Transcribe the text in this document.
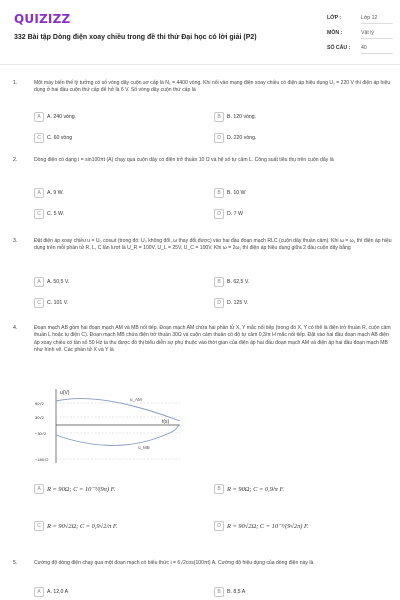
QUIZIZZ
332 Bài tập Dòng điện xoay chiều trong đề thi thử Đại học có lời giải (P2)
LỚP :	Lớp 12
MÔN :	Vật lý
SỐ CÂU : 40
1.	Một máy biến thế lý tưởng có số vòng dây cuộn sơ cấp là N₁ = 4400 vòng. Khi nối vào mạng điện xoay chiều có điện áp hiệu dụng U₁ = 220 V thì điện áp hiệu dụng ở hai đầu cuộn thứ cấp để hở là 6 V. Số vòng dây cuộn thứ cấp là
A	A. 240 vòng.	B	B. 120 vòng.
C	C. 60 vòng	D	D. 220 vòng.
2.	Dòng điện có dạng i = sin100πt (A) chạy qua cuộn dây có điện trở thuần 10 Ω và hệ số tự cảm L. Công suất tiêu thụ trên cuộn dây là
A	A. 9 W.	B	B. 10 W
C	C. 5 W.	D	D. 7 W
3.	Đặt điện áp xoay chiều u = U₀ cosωt (trong đó: U₀ không đổi, ω thay đổi được) vào hai đầu đoạn mạch RLC (cuộn dây thuần cảm). Khi ω = ω₁ thì điện áp hiệu dụng trên mỗi phần tử R, L, C lần lượt là U_R = 100V, U_L = 25V, U_C = 100V. Khi ω = 2ω₁ thì điện áp hiệu dụng giữa 2 đầu cuộn dây bằng
A	A. 50,5 V.	B	B. 62,5 V.
C	C. 101 V.	D	D. 125 V.
4.	Đoạn mạch AB gồm hai đoạn mạch AM và MB nối tiếp. Đoạn mạch AM chứa hai phần tử X, Y mắc nối tiếp (trong đó X, Y có thể là điện trở thuần R, cuộn cảm thuần L hoặc tụ điện C). Đoạn mạch MB chứa điện trở thuần 30Ω và cuộn cảm thuần có độ tự cảm 0,3/π H mắc nối tiếp. Đặt vào hai đầu đoạn mạch AB điện áp xoay chiều có tần số 50 Hz ta thu được đồ thị biểu diễn sự phụ thuộc vào thời gian của điện áp hai đầu đoạn mạch AM và điện áp hai đầu đoạn mạch MB như hình vẽ. Các phần tử X và Y là
A R = 90Ω; C = 10⁻³/(9π) F.	B R = 90Ω; C = 0,9/π F.
C R = 90√2Ω; C = 0,9√2/π F.	D R = 90√2Ω; C = 10⁻³/(9√2π) F.
u(V)
t(s)
90√2
30√2
−30√2
−180√2
u_AM
u_MB
5.	Cường độ dòng điện chạy qua một đoạn mạch có biểu thức i = 6√2cos(100πt) A. Cường độ hiệu dụng của dòng điện này là
A	A. 12,0 A	B	B. 8,5 A
